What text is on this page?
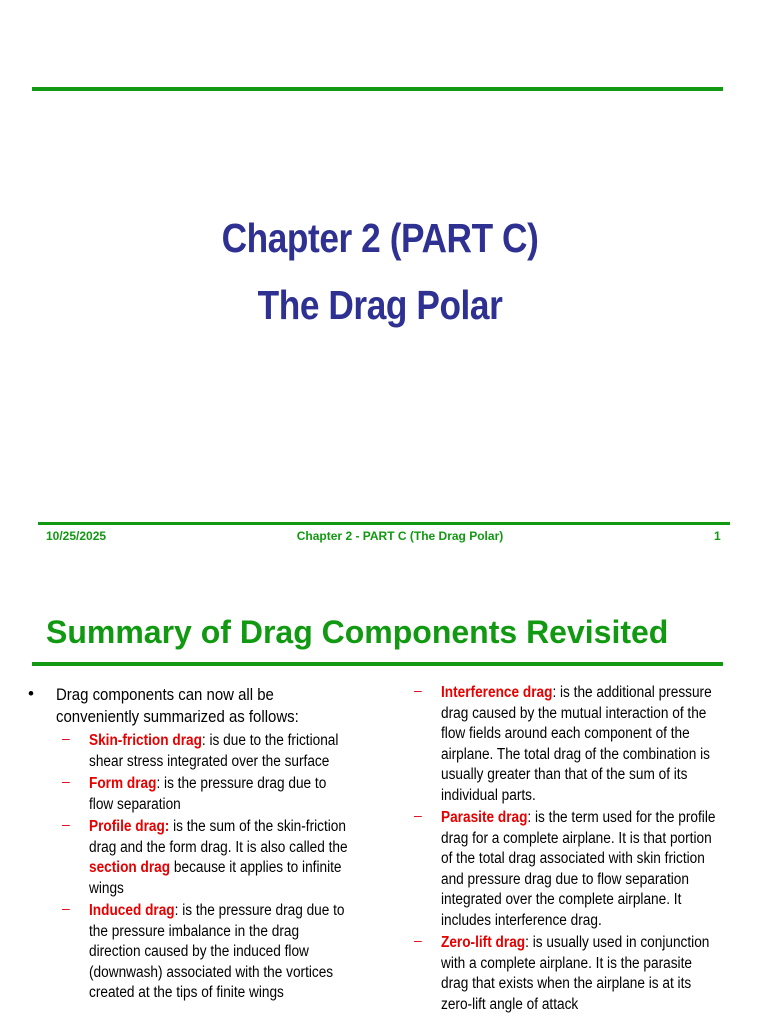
Chapter 2 (PART C)
The Drag Polar
10/25/2025	Chapter 2 - PART C (The Drag Polar)	1
Summary of Drag Components Revisited
• Drag components can now all be
conveniently summarized as follows:
– Skin-friction drag: is due to the frictional shear stress integrated over the surface
– Form drag: is the pressure drag due to flow separation
– Profile drag: is the sum of the skin-friction drag and the form drag. It is also called the section drag because it applies to infinite wings
– Induced drag: is the pressure drag due to the pressure imbalance in the drag direction caused by the induced flow (downwash) associated with the vortices created at the tips of finite wings
– Interference drag: is the additional pressure drag caused by the mutual interaction of the flow fields around each component of the airplane. The total drag of the combination is usually greater than that of the sum of its individual parts.
– Parasite drag: is the term used for the profile drag for a complete airplane. It is that portion of the total drag associated with skin friction and pressure drag due to flow separation integrated over the complete airplane. It includes interference drag.
– Zero-lift drag: is usually used in conjunction with a complete airplane. It is the parasite drag that exists when the airplane is at its zero-lift angle of attack
